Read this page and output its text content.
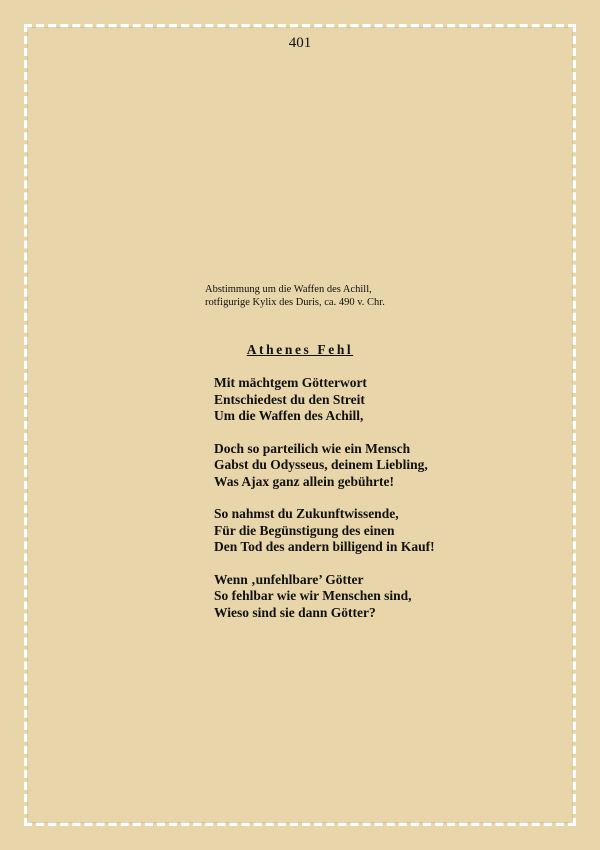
401
Abstimmung um die Waffen des Achill,
rotfigurige Kylix des Duris, ca. 490 v. Chr.
Athenes Fehl
Mit mächtgem Götterwort
Entschiedest du den Streit
Um die Waffen des Achill,
Doch so parteilich wie ein Mensch
Gabst du Odysseus, deinem Liebling,
Was Ajax ganz allein gebührte!
So nahmst du Zukunftwissende,
Für die Begünstigung des einen
Den Tod des andern billigend in Kauf!
Wenn ‚unfehlbare’ Götter
So fehlbar wie wir Menschen sind,
Wieso sind sie dann Götter?
